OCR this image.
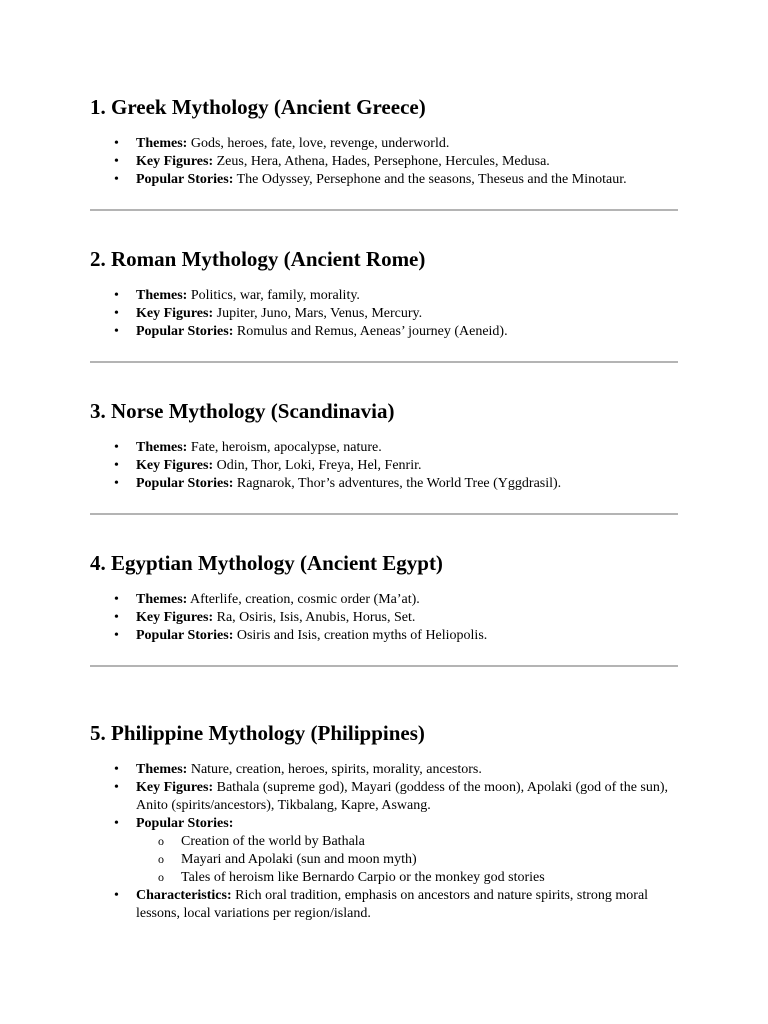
1. Greek Mythology (Ancient Greece)
• Themes: Gods, heroes, fate, love, revenge, underworld.
• Key Figures: Zeus, Hera, Athena, Hades, Persephone, Hercules, Medusa.
• Popular Stories: The Odyssey, Persephone and the seasons, Theseus and the Minotaur.
2. Roman Mythology (Ancient Rome)
• Themes: Politics, war, family, morality.
• Key Figures: Jupiter, Juno, Mars, Venus, Mercury.
• Popular Stories: Romulus and Remus, Aeneas’ journey (Aeneid).
3. Norse Mythology (Scandinavia)
• Themes: Fate, heroism, apocalypse, nature.
• Key Figures: Odin, Thor, Loki, Freya, Hel, Fenrir.
• Popular Stories: Ragnarok, Thor’s adventures, the World Tree (Yggdrasil).
4. Egyptian Mythology (Ancient Egypt)
• Themes: Afterlife, creation, cosmic order (Ma’at).
• Key Figures: Ra, Osiris, Isis, Anubis, Horus, Set.
• Popular Stories: Osiris and Isis, creation myths of Heliopolis.
5. Philippine Mythology (Philippines)
• Themes: Nature, creation, heroes, spirits, morality, ancestors.
• Key Figures: Bathala (supreme god), Mayari (goddess of the moon), Apolaki (god of the sun), Anito (spirits/ancestors), Tikbalang, Kapre, Aswang.
• Popular Stories:
o Creation of the world by Bathala
o Mayari and Apolaki (sun and moon myth)
o Tales of heroism like Bernardo Carpio or the monkey god stories
• Characteristics: Rich oral tradition, emphasis on ancestors and nature spirits, strong moral lessons, local variations per region/island.
